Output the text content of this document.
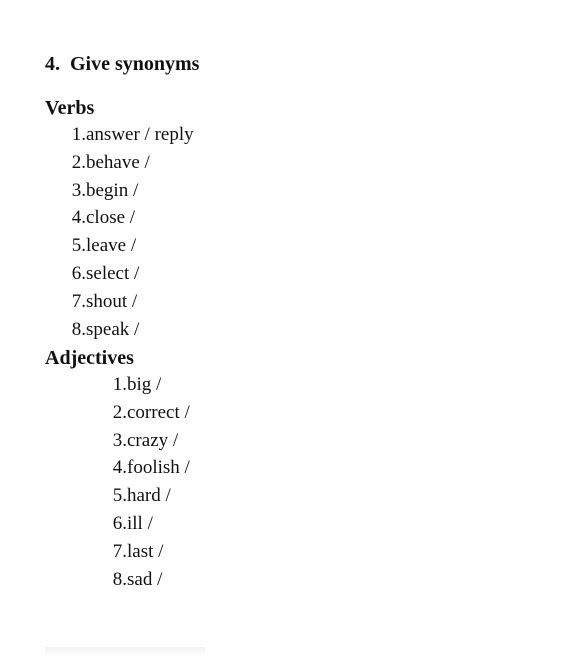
4.  Give synonyms
Verbs
1. answer / reply
2. behave /
3. begin /
4. close /
5. leave /
6. select /
7. shout /
8. speak /
Adjectives
1. big /
2. correct /
3. crazy /
4. foolish /
5. hard /
6. ill /
7. last /
8. sad /
